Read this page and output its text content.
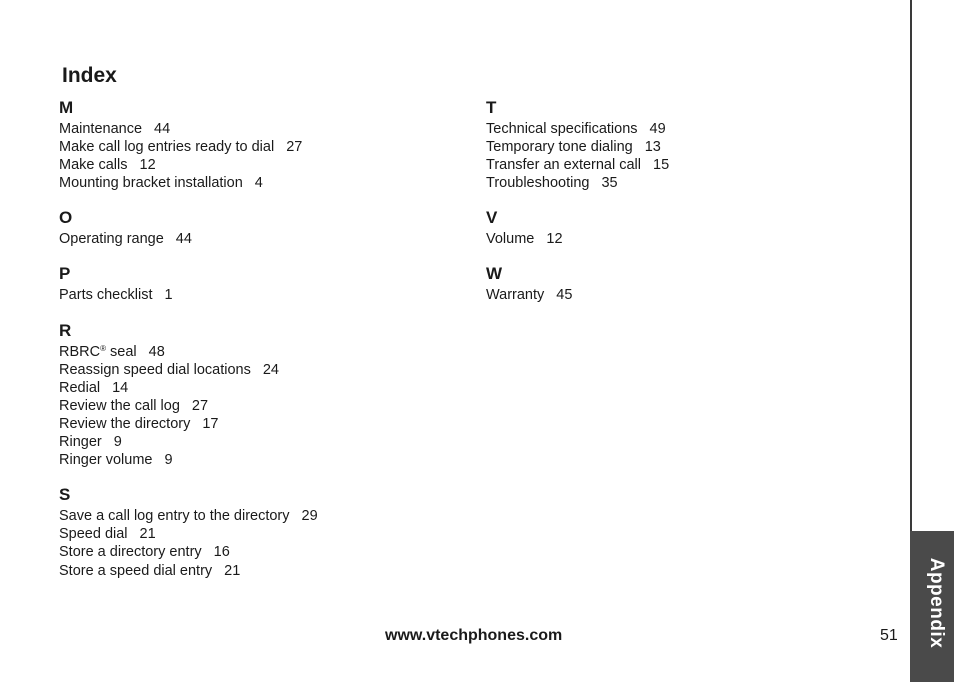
Appendix
Index
M
Maintenance 44
Make call log entries ready to dial 27
Make calls 12
Mounting bracket installation 4
O
Operating range 44
P
Parts checklist 1
R
RBRC® seal 48
Reassign speed dial locations 24
Redial 14
Review the call log 27
Review the directory 17
Ringer 9
Ringer volume 9
S
Save a call log entry to the directory 29
Speed dial 21
Store a directory entry 16
Store a speed dial entry 21
T
Technical specifications 49
Temporary tone dialing 13
Transfer an external call 15
Troubleshooting 35
V
Volume 12
W
Warranty 45
www.vtechphones.com	51
